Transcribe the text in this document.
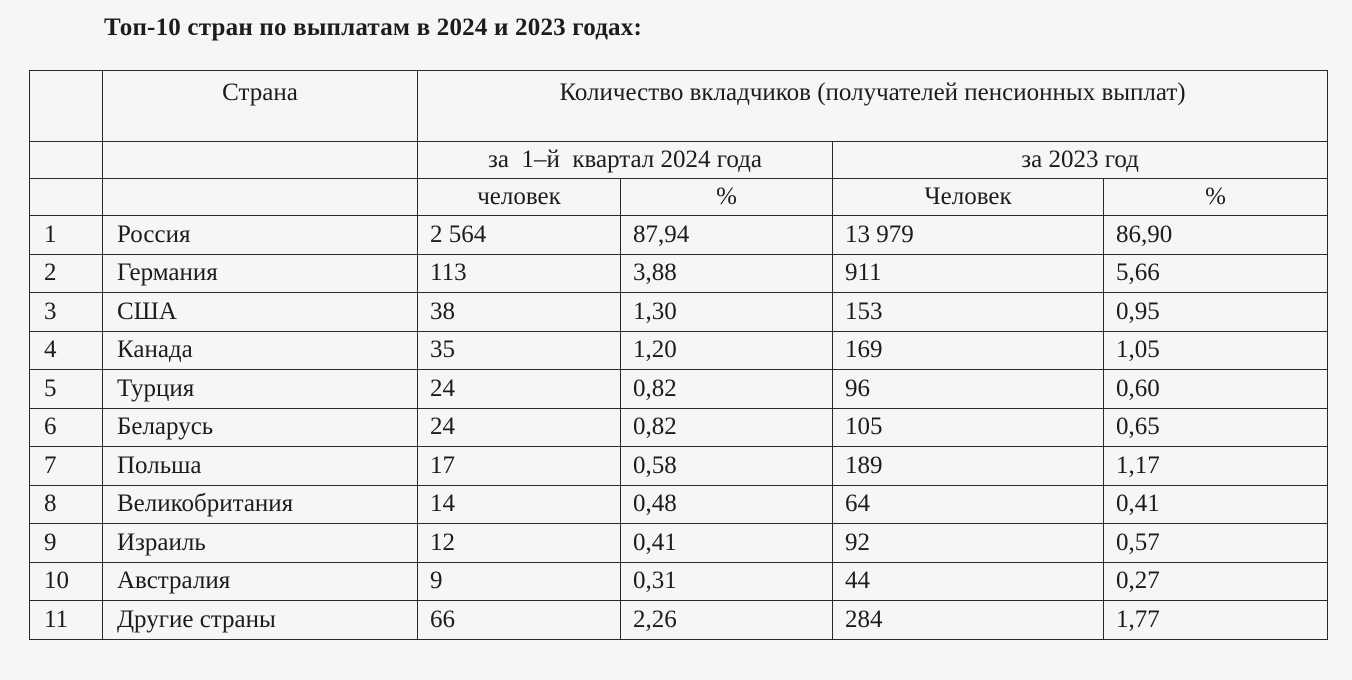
Топ-10 стран по выплатам в 2024 и 2023 годах:
	Страна	Количество вкладчиков (получателей пенсионных выплат)			
		за  1–й  квартал 2024 года		за 2023 год	
		человек	%	Человек	%
1	Россия	2 564	87,94	13 979	86,90
2	Германия	113	3,88	911	5,66
3	США	38	1,30	153	0,95
4	Канада	35	1,20	169	1,05
5	Турция	24	0,82	96	0,60
6	Беларусь	24	0,82	105	0,65
7	Польша	17	0,58	189	1,17
8	Великобритания	14	0,48	64	0,41
9	Израиль	12	0,41	92	0,57
10	Австралия	9	0,31	44	0,27
11	Другие страны	66	2,26	284	1,77
